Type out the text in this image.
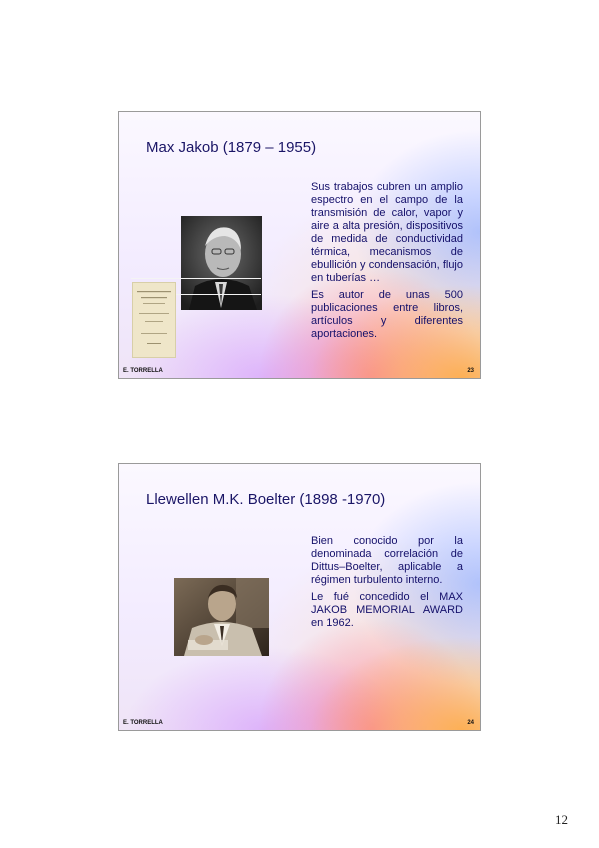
Max Jakob (1879 – 1955)

Sus trabajos cubren un amplio espectro en el campo de la transmisión de calor, vapor y aire a alta presión, dispositivos de medida de conductividad térmica, mecanismos de ebullición y condensación, flujo en tuberías …

Es autor de unas 500 publicaciones entre libros, artículos y diferentes aportaciones.

E. TORRELLA	23
Llewellen M.K. Boelter (1898 -1970)

Bien conocido por la denominada correlación de Dittus–Boelter, aplicable a régimen turbulento interno.

Le fué concedido el MAX JAKOB MEMORIAL AWARD en 1962.

E. TORRELLA	24
12
